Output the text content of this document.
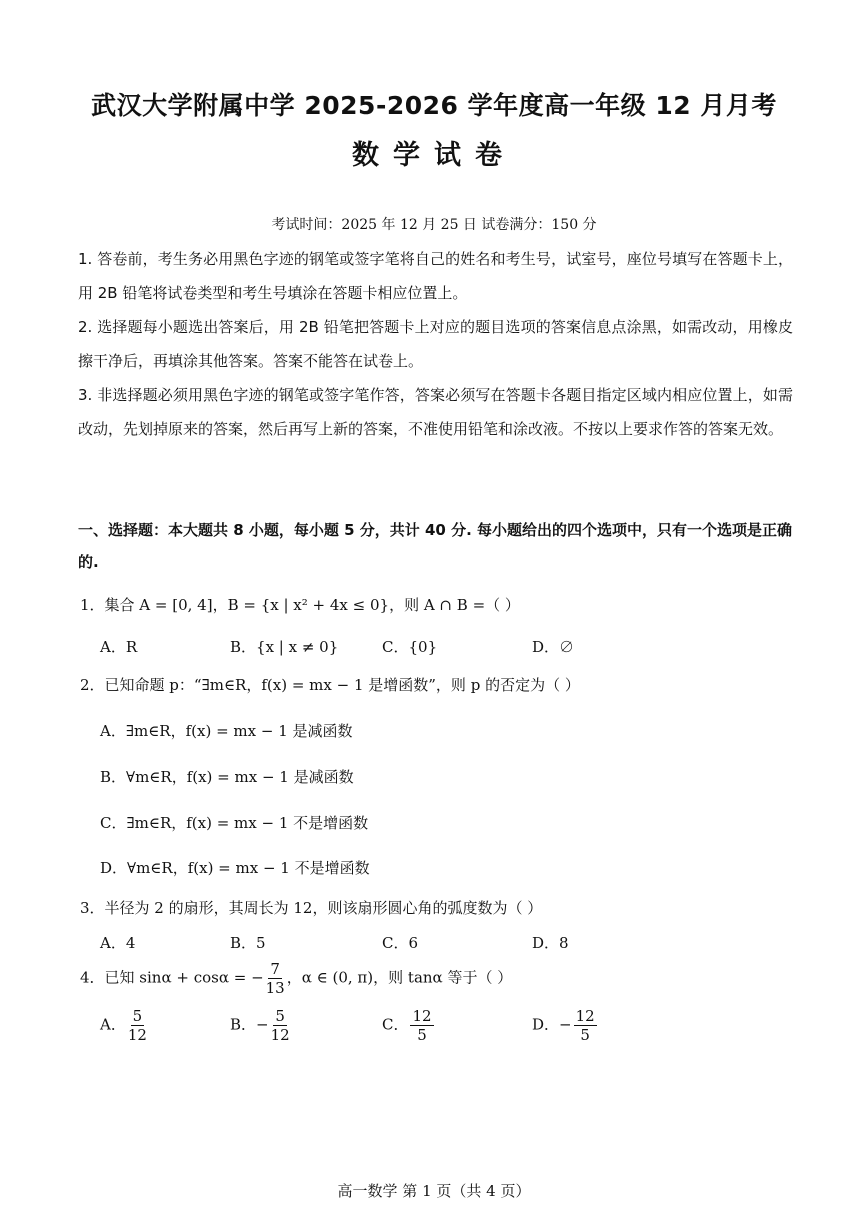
武汉大学附属中学 2025-2026 学年度高一年级 12 月月考
数学试卷
考试时间：2025 年 12 月 25 日 试卷满分：150 分
1. 答卷前，考生务必用黑色字迹的钢笔或签字笔将自己的姓名和考生号，试室号，座位号填写在答题卡上，用 2B 铅笔将试卷类型和考生号填涂在答题卡相应位置上。
2. 选择题每小题选出答案后，用 2B 铅笔把答题卡上对应的题目选项的答案信息点涂黑，如需改动，用橡皮擦干净后，再填涂其他答案。答案不能答在试卷上。
3. 非选择题必须用黑色字迹的钢笔或签字笔作答，答案必须写在答题卡各题目指定区域内相应位置上，如需改动，先划掉原来的答案，然后再写上新的答案，不准使用铅笔和涂改液。不按以上要求作答的答案无效。
一、选择题：本大题共 8 小题，每小题 5 分，共计 40 分. 每小题给出的四个选项中，只有一个选项是正确的.
1．集合 A = [0, 4]，B = {x | x² + 4x ≤ 0}，则 A ∩ B =（ ）
A．R	B．{x | x ≠ 0}	C．{0}	D．∅
2．已知命题 p：“∃m∈R，f(x) = mx − 1 是增函数”，则 p 的否定为（ ）
A．∃m∈R，f(x) = mx − 1 是减函数
B．∀m∈R，f(x) = mx − 1 是减函数
C．∃m∈R，f(x) = mx − 1 不是增函数
D．∀m∈R，f(x) = mx − 1 不是增函数
3．半径为 2 的扇形，其周长为 12，则该扇形圆心角的弧度数为（ ）
A．4	B．5	C．6	D．8
4．已知 sinα + cosα = − $\frac{7}{13}$ ，α ∈ (0, π)，则 tanα 等于（ ）
A． $\frac{5}{12}$	B．− $\frac{5}{12}$	C． $\frac{12}{5}$	D．− $\frac{12}{5}$
高一数学 第 1 页（共 4 页）
